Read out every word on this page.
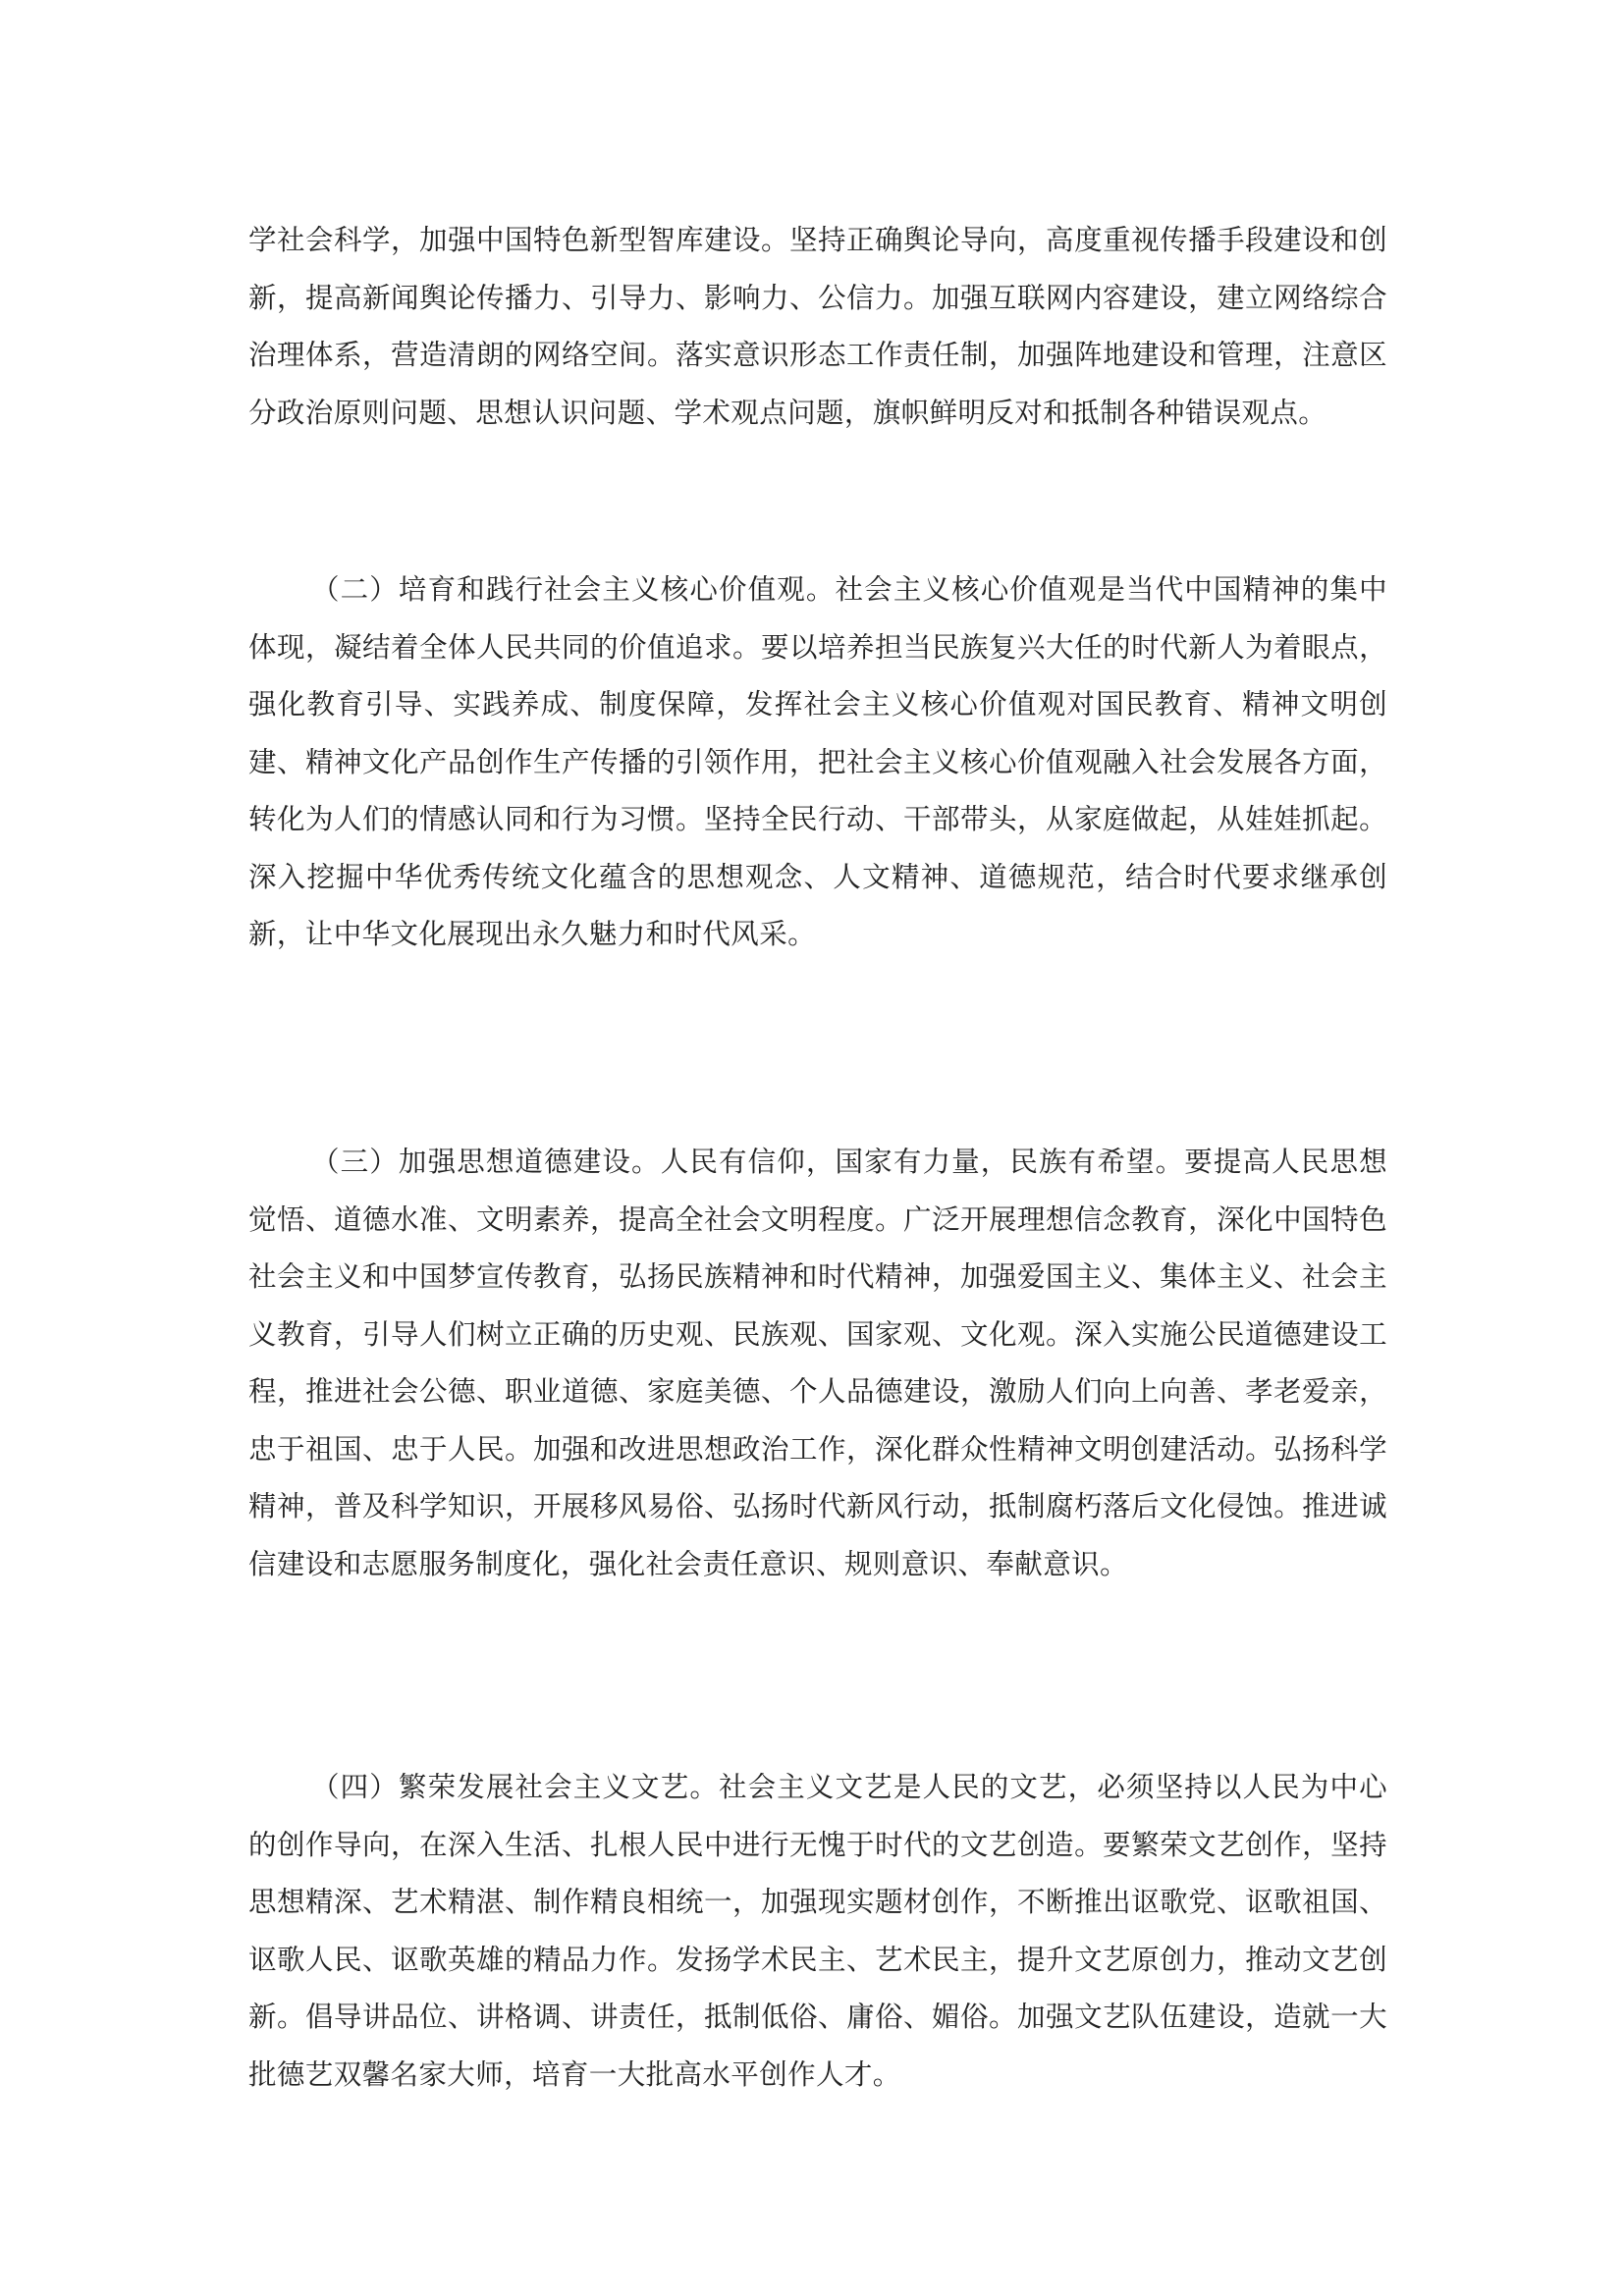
学社会科学，加强中国特色新型智库建设。坚持正确舆论导向，高度重视传播手段建设和创新，提高新闻舆论传播力、引导力、影响力、公信力。加强互联网内容建设，建立网络综合治理体系，营造清朗的网络空间。落实意识形态工作责任制，加强阵地建设和管理，注意区分政治原则问题、思想认识问题、学术观点问题，旗帜鲜明反对和抵制各种错误观点。

（二）培育和践行社会主义核心价值观。社会主义核心价值观是当代中国精神的集中体现，凝结着全体人民共同的价值追求。要以培养担当民族复兴大任的时代新人为着眼点，强化教育引导、实践养成、制度保障，发挥社会主义核心价值观对国民教育、精神文明创建、精神文化产品创作生产传播的引领作用，把社会主义核心价值观融入社会发展各方面，转化为人们的情感认同和行为习惯。坚持全民行动、干部带头，从家庭做起，从娃娃抓起。深入挖掘中华优秀传统文化蕴含的思想观念、人文精神、道德规范，结合时代要求继承创新，让中华文化展现出永久魅力和时代风采。

（三）加强思想道德建设。人民有信仰，国家有力量，民族有希望。要提高人民思想觉悟、道德水准、文明素养，提高全社会文明程度。广泛开展理想信念教育，深化中国特色社会主义和中国梦宣传教育，弘扬民族精神和时代精神，加强爱国主义、集体主义、社会主义教育，引导人们树立正确的历史观、民族观、国家观、文化观。深入实施公民道德建设工程，推进社会公德、职业道德、家庭美德、个人品德建设，激励人们向上向善、孝老爱亲，忠于祖国、忠于人民。加强和改进思想政治工作，深化群众性精神文明创建活动。弘扬科学精神，普及科学知识，开展移风易俗、弘扬时代新风行动，抵制腐朽落后文化侵蚀。推进诚信建设和志愿服务制度化，强化社会责任意识、规则意识、奉献意识。

（四）繁荣发展社会主义文艺。社会主义文艺是人民的文艺，必须坚持以人民为中心的创作导向，在深入生活、扎根人民中进行无愧于时代的文艺创造。要繁荣文艺创作，坚持思想精深、艺术精湛、制作精良相统一，加强现实题材创作，不断推出讴歌党、讴歌祖国、讴歌人民、讴歌英雄的精品力作。发扬学术民主、艺术民主，提升文艺原创力，推动文艺创新。倡导讲品位、讲格调、讲责任，抵制低俗、庸俗、媚俗。加强文艺队伍建设，造就一大批德艺双馨名家大师，培育一大批高水平创作人才。
